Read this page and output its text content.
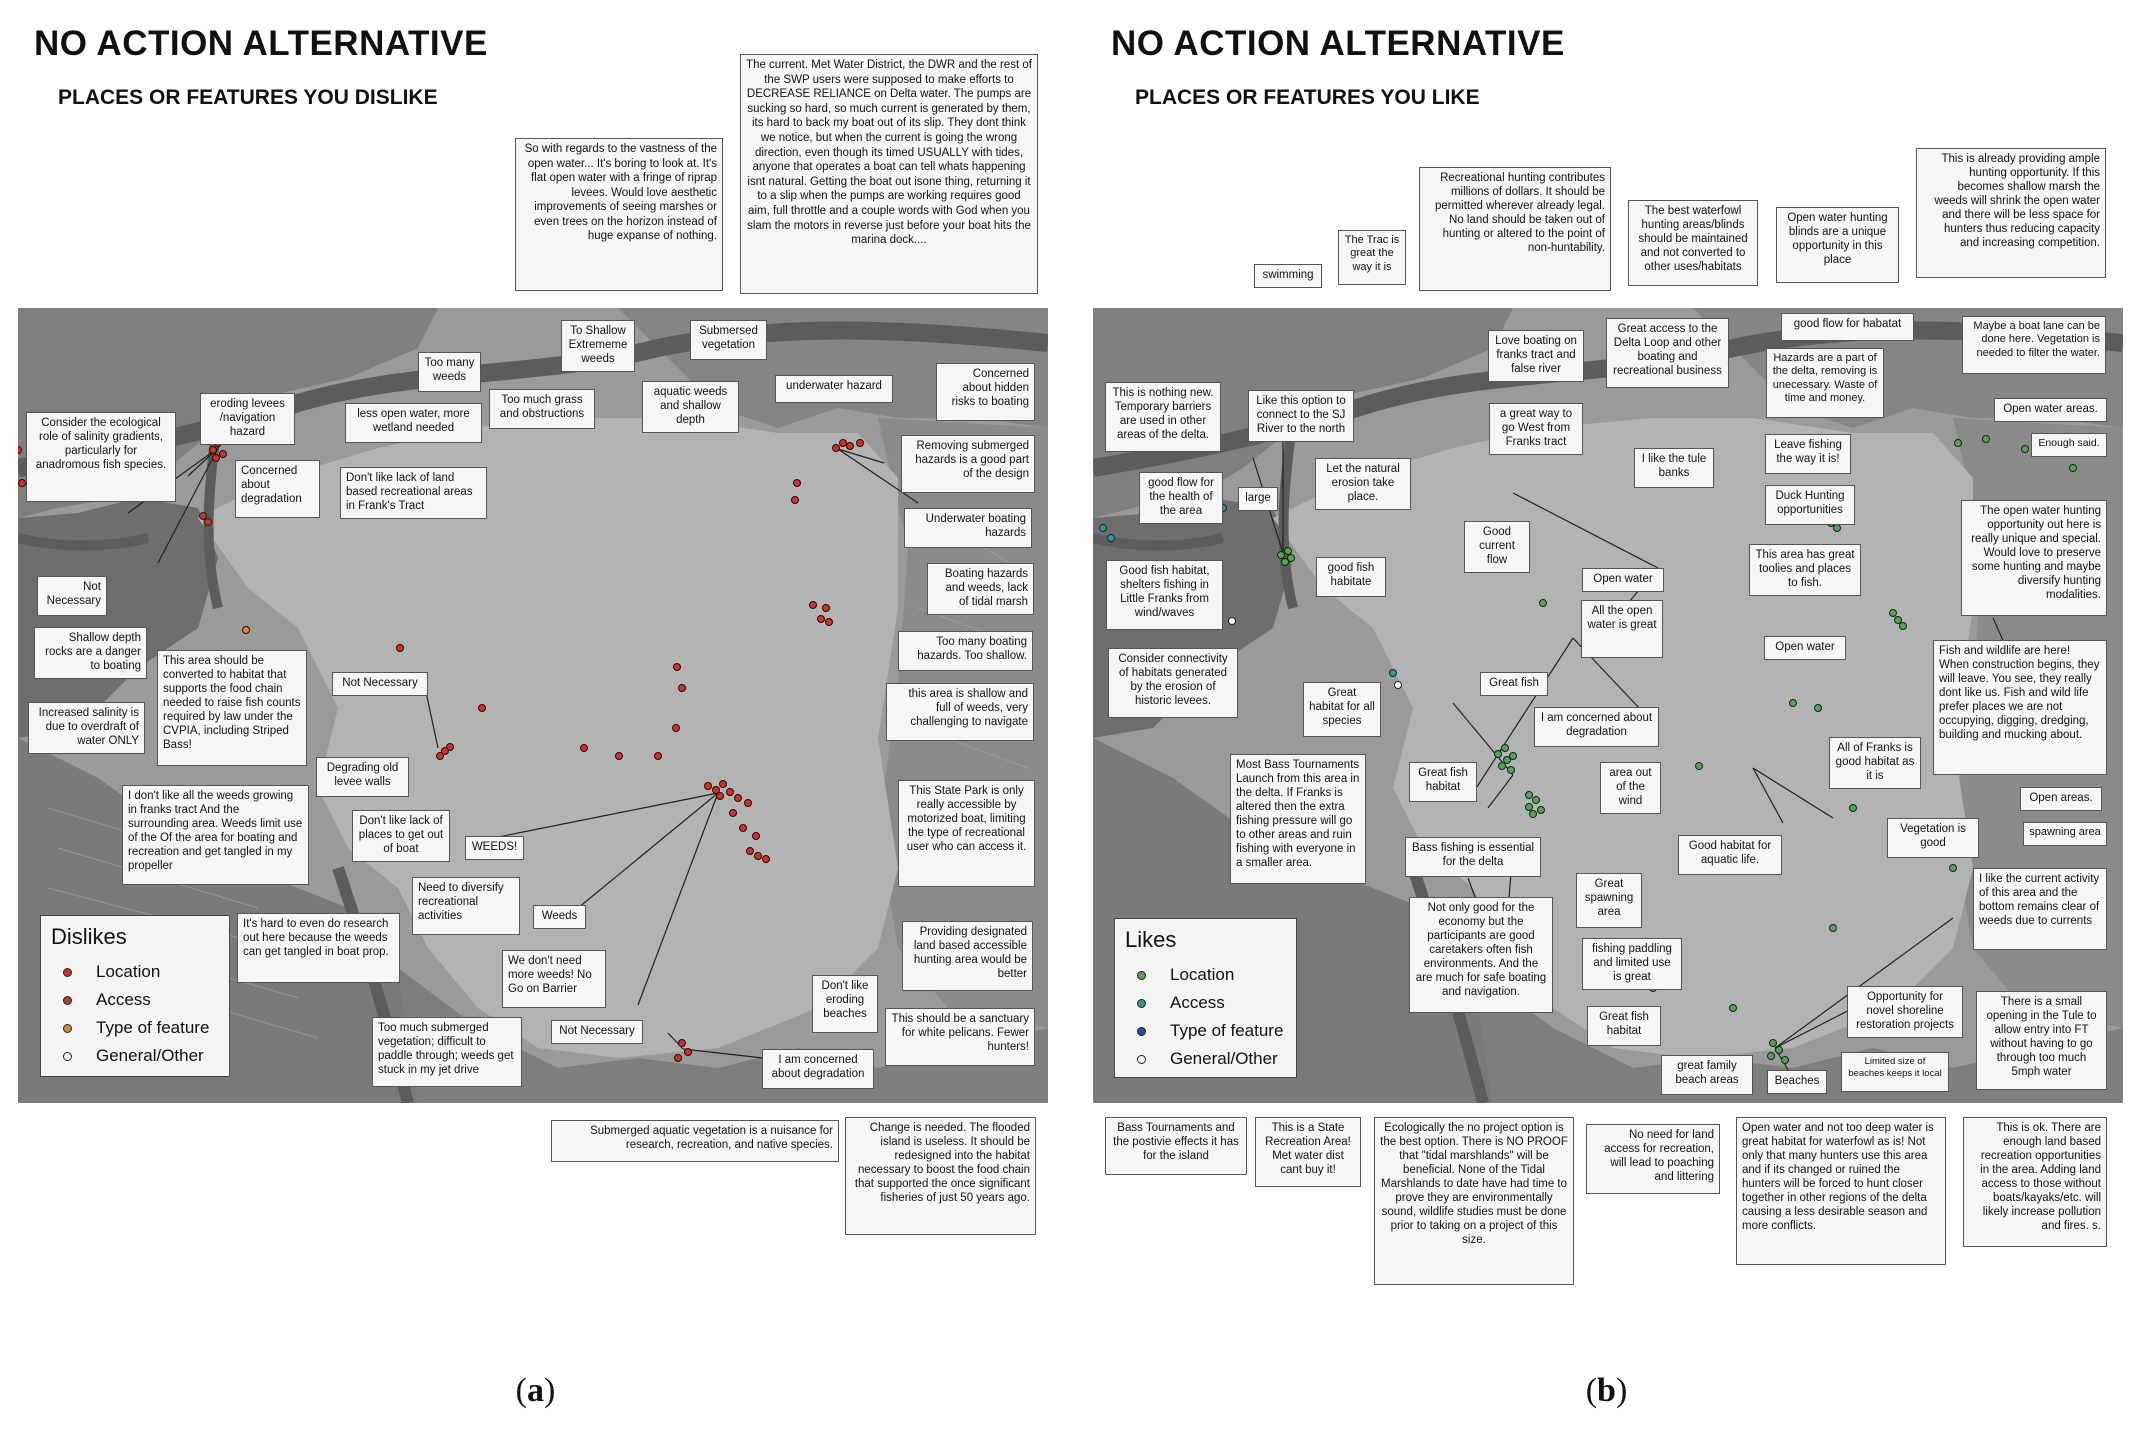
NO ACTION ALTERNATIVE
PLACES OR FEATURES YOU DISLIKE
So with regards to the vastness of the open water... It's boring to look at. It's flat open water with a fringe of riprap levees. Would love aesthetic improvements of seeing marshes or even trees on the horizon instead of huge expanse of nothing.
The current. Met Water District, the DWR and the rest of the SWP users were supposed to make efforts to DECREASE RELIANCE on Delta water. The pumps are sucking so hard, so much current is generated by them, its hard to back my boat out of its slip. They dont think we notice, but when the current is going the wrong direction, even though its timed USUALLY with tides, anyone that operates a boat can tell whats happening isnt natural. Getting the boat out isone thing, returning it to a slip when the pumps are working requires good aim, full throttle and a couple words with God when you slam the motors in reverse just before your boat hits the marina dock....
To Shallow Extrememe weeds
Submersed vegetation
Too many weeds
eroding levees /navigation hazard
less open water, more wetland needed
Too much grass and obstructions
aquatic weeds and shallow depth
underwater hazard
Concerned about hidden risks to boating
Consider the ecological role of salinity gradients, particularly for anadromous fish species.	Concerned about degradation
Don't like lack of land based recreational areas in Frank's Tract
Removing submerged hazards is a good part of the design
Underwater boating hazards
Not Necessary
Boating hazards and weeds, lack of tidal marsh
Shallow depth rocks are a danger to boating	This area should be converted to habitat that supports the food chain needed to raise fish counts required by law under the CVPIA, including Striped Bass!
Not Necessary
Too many boating hazards. Too shallow.
Increased salinity is due to overdraft of water ONLY
this area is shallow and full of weeds, very challenging to navigate
Degrading old levee walls
I don't like all the weeds growing in franks tract And the surrounding area. Weeds limit use of the Of the area for boating and recreation and get tangled in my propeller
Don't like lack of places to get out of boat	WEEDS!
This State Park is only really accessible by motorized boat, limiting the type of recreational user who can access it.
Need to diversify recreational activities	Weeds
It's hard to even do research out here because the weeds can get tangled in boat prop.
We don't need more weeds! No Go on Barrier
Providing designated land based accessible hunting area would be better
Don't like eroding beaches
Too much submerged vegetation; difficult to paddle through; weeds get stuck in my jet drive
Not Necessary
This should be a sanctuary for white pelicans. Fewer hunters!
I am concerned about degradation
Submerged aquatic vegetation is a nuisance for research, recreation, and native species.
Change is needed. The flooded island is useless. It should be redesigned into the habitat necessary to boost the food chain that supported the once significant fisheries of just 50 years ago.
Dislikes
Location
Access
Type of feature
General/Other
(a)
NO ACTION ALTERNATIVE
PLACES OR FEATURES YOU LIKE
swimming
The Trac is great the way it is
Recreational hunting contributes millions of dollars. It should be permitted wherever already legal. No land should be taken out of hunting or altered to the point of non-huntability.
The best waterfowl hunting areas/blinds should be maintained and not converted to other uses/habitats
Open water hunting blinds are a unique opportunity in this place
This is already providing ample hunting opportunity. If this becomes shallow marsh the weeds will shrink the open water and there will be less space for hunters thus reducing capacity and increasing competition.
Love boating on franks tract and false river
Great access to the Delta Loop and other boating and recreational business
good flow for habatat	Maybe a boat lane can be done here. Vegetation is needed to filter the water.
This is nothing new. Temporary barriers are used in other areas of the delta.
Like this option to connect to the SJ River to the north
Hazards are a part of the delta, removing is unecessary. Waste of time and money.
a great way to go West from Franks tract
Open water areas.
Leave fishing the way it is!
Enough said.
good flow for the health of the area
large
Let the natural erosion take place.
I like the tule banks
Duck Hunting opportunities
Good fish habitat, shelters fishing in Little Franks from wind/waves
good fish habitate
Good current flow
Open water
This area has great toolies and places to fish.
The open water hunting opportunity out here is really unique and special. Would love to preserve some hunting and maybe diversify hunting modalities.
All the open water is great
Consider connectivity of habitats generated by the erosion of historic levees.
Open water
Great fish
Great habitat for all species
Fish and wildlife are here! When construction begins, they will leave. You see, they really dont like us. Fish and wild life prefer places we are not occupying, digging, dredging, building and mucking about.
I am concerned about degradation
All of Franks is good habitat as it is
Most Bass Tournaments Launch from this area in the delta. If Franks is altered then the extra fishing pressure will go to other areas and ruin fishing with everyone in a smaller area.
Great fish habitat
area out of the wind	Open areas.
Vegetation is good
spawning area
Bass fishing is essential for the delta
Good habitat for aquatic life.
I like the current activity of this area and the bottom remains clear of weeds due to currents
Great spawning area
Not only good for the economy but the participants are good caretakers often fish environments. And the are much for safe boating and navigation.
fishing paddling and limited use is great
Opportunity for novel shoreline restoration projects
There is a small opening in the Tule to allow entry into FT without having to go through too much 5mph water
Great fish habitat
great family beach areas	Beaches
Limited size of beaches keeps it local
Bass Tournaments and the postivie effects it has for the island
This is a State Recreation Area! Met water dist cant buy it!
Ecologically the no project option is the best option. There is NO PROOF that "tidal marshlands" will be beneficial. None of the Tidal Marshlands to date have had time to prove they are environmentally sound, wildlife studies must be done prior to taking on a project of this size.
No need for land access for recreation, will lead to poaching and littering
Open water and not too deep water is great habitat for waterfowl as is! Not only that many hunters use this area and if its changed or ruined the hunters will be forced to hunt closer together in other regions of the delta causing a less desirable season and more conflicts.
This is ok. There are enough land based recreation opportunities in the area. Adding land access to those without boats/kayaks/etc. will likely increase pollution and fires. s.
Likes
Location
Access
Type of feature
General/Other
(b)
